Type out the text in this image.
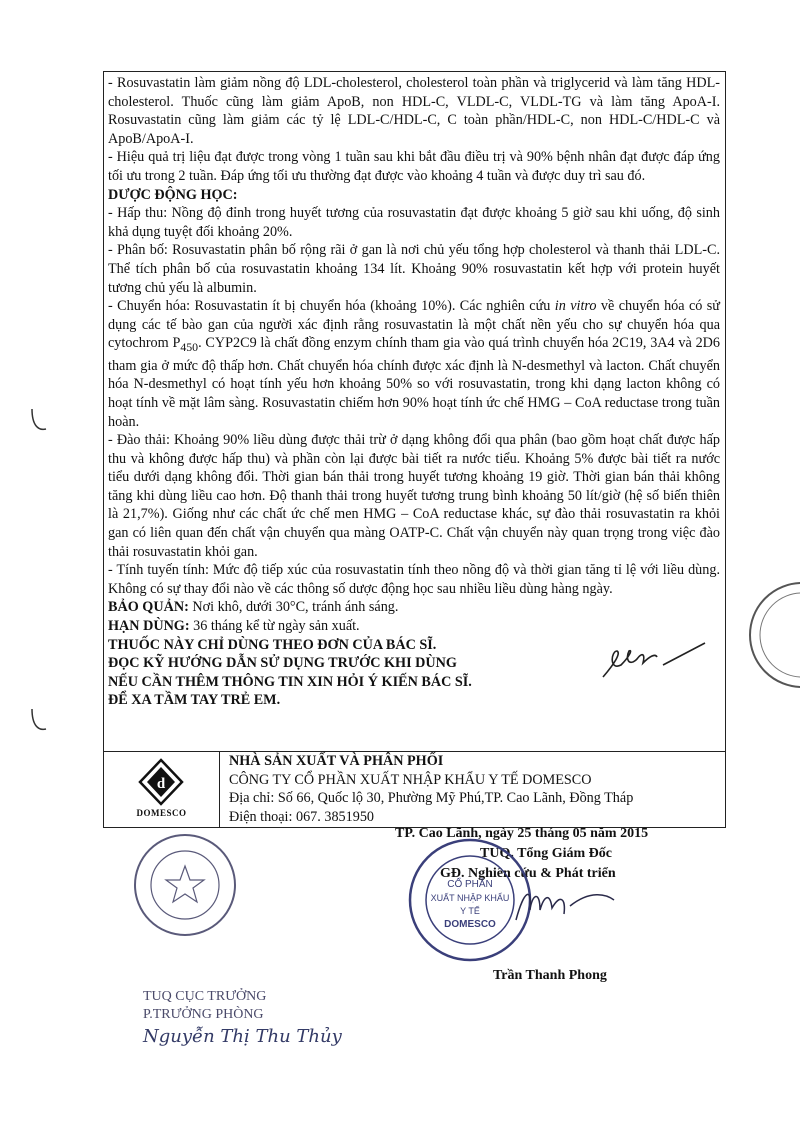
- Rosuvastatin làm giảm nồng độ LDL-cholesterol, cholesterol toàn phần và triglycerid và làm tăng HDL-cholesterol. Thuốc cũng làm giảm ApoB, non HDL-C, VLDL-C, VLDL-TG và làm tăng ApoA-I. Rosuvastatin cũng làm giảm các tỷ lệ LDL-C/HDL-C, C toàn phần/HDL-C, non HDL-C/HDL-C và ApoB/ApoA-I.

- Hiệu quả trị liệu đạt được trong vòng 1 tuần sau khi bắt đầu điều trị và 90% bệnh nhân đạt được đáp ứng tối ưu trong 2 tuần. Đáp ứng tối ưu thường đạt được vào khoảng 4 tuần và được duy trì sau đó.

DƯỢC ĐỘNG HỌC:

- Hấp thu: Nồng độ đỉnh trong huyết tương của rosuvastatin đạt được khoảng 5 giờ sau khi uống, độ sinh khả dụng tuyệt đối khoảng 20%.

- Phân bố: Rosuvastatin phân bố rộng rãi ở gan là nơi chủ yếu tổng hợp cholesterol và thanh thải LDL-C. Thể tích phân bố của rosuvastatin khoảng 134 lít. Khoảng 90% rosuvastatin kết hợp với protein huyết tương chủ yếu là albumin.

- Chuyển hóa: Rosuvastatin ít bị chuyển hóa (khoảng 10%). Các nghiên cứu in vitro về chuyển hóa có sử dụng các tế bào gan của người xác định rằng rosuvastatin là một chất nền yếu cho sự chuyển hóa qua cytochrom $P_{450}$. CYP2C9 là chất đồng enzym chính tham gia vào quá trình chuyển hóa 2C19, 3A4 và 2D6 tham gia ở mức độ thấp hơn. Chất chuyển hóa chính được xác định là N-desmethyl và lacton. Chất chuyển hóa N-desmethyl có hoạt tính yếu hơn khoảng 50% so với rosuvastatin, trong khi dạng lacton không có hoạt tính về mặt lâm sàng. Rosuvastatin chiếm hơn 90% hoạt tính ức chế HMG – CoA reductase trong tuần hoàn.

- Đào thải: Khoảng 90% liều dùng được thải trừ ở dạng không đổi qua phân (bao gồm hoạt chất được hấp thu và không được hấp thu) và phần còn lại được bài tiết ra nước tiểu. Khoảng 5% được bài tiết ra nước tiểu dưới dạng không đổi. Thời gian bán thải trong huyết tương khoảng 19 giờ. Thời gian bán thải không tăng khi dùng liều cao hơn. Độ thanh thải trong huyết tương trung bình khoảng 50 lít/giờ (hệ số biến thiên là 21,7%). Giống như các chất ức chế men HMG – CoA reductase khác, sự đào thải rosuvastatin ra khỏi gan có liên quan đến chất vận chuyển qua màng OATP-C. Chất vận chuyển này quan trọng trong việc đào thải rosuvastatin khỏi gan.

- Tính tuyến tính: Mức độ tiếp xúc của rosuvastatin tính theo nồng độ và thời gian tăng tỉ lệ với liều dùng. Không có sự thay đổi nào về các thông số dược động học sau nhiều liều dùng hàng ngày.

BẢO QUẢN: Nơi khô, dưới 30°C, tránh ánh sáng.

HẠN DÙNG: 36 tháng kể từ ngày sản xuất.

THUỐC NÀY CHỈ DÙNG THEO ĐƠN CỦA BÁC SĨ.

ĐỌC KỸ HƯỚNG DẪN SỬ DỤNG TRƯỚC KHI DÙNG

NẾU CẦN THÊM THÔNG TIN XIN HỎI Ý KIẾN BÁC SĨ.

ĐỂ XA TẦM TAY TRẺ EM.

d
DOMESCO
NHÀ SẢN XUẤT VÀ PHÂN PHỐI
CÔNG TY CỔ PHẦN XUẤT NHẬP KHẨU Y TẾ DOMESCO
Địa chỉ: Số 66, Quốc lộ 30, Phường Mỹ Phú,TP. Cao Lãnh, Đồng Tháp
Điện thoại: 067. 3851950
TP. Cao Lãnh, ngày 25 tháng 05 năm 2015
TUQ. Tổng Giám Đốc
GĐ. Nghiên cứu & Phát triển
Trần Thanh Phong
CỔ PHẦN
XUẤT NHẬP KHẨU
Y TẾ
DOMESCO
TUQ CỤC TRƯỞNG
P.TRƯỞNG PHÒNG
Nguyễn Thị Thu Thủy
